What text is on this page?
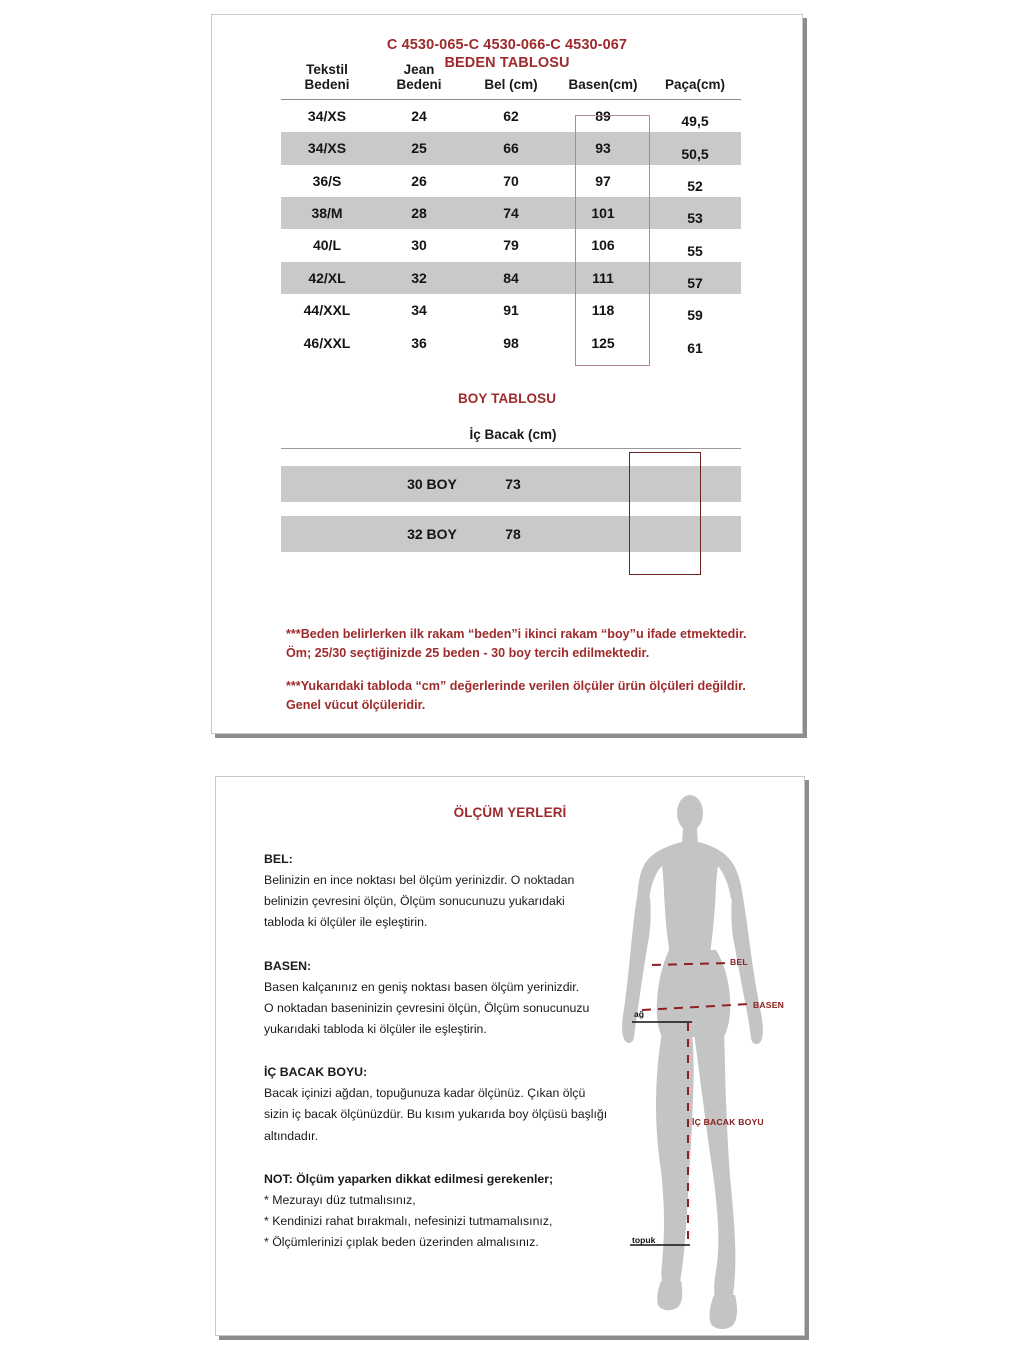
C 4530-065-C 4530-066-C 4530-067
BEDEN TABLOSU
Tekstil
Bedeni	Jean
Bedeni	Bel (cm)	Basen(cm)	Paça(cm)
34/XS	24	62	89	49,5
34/XS	25	66	93	50,5
36/S	26	70	97	52
38/M	28	74	101	53
40/L	30	79	106	55
42/XL	32	84	111	57
44/XXL	34	91	118	59
46/XXL	36	98	125	61
BOY TABLOSU
		İç Bacak (cm)	

	30 BOY	73	

	32 BOY	78	
***Beden belirlerken ilk rakam “beden”i ikinci rakam “boy”u ifade etmektedir.
Öm; 25/30 seçtiğinizde 25 beden - 30 boy tercih edilmektedir.
***Yukarıdaki tabloda “cm” değerlerinde verilen ölçüler ürün ölçüleri değildir.
Genel vücut ölçüleridir.
ÖLÇÜM YERLERİ
BEL:
Belinizin en ince noktası bel ölçüm yerinizdir. O noktadan
belinizin çevresini ölçün, Ölçüm sonucunuzu yukarıdaki
tabloda ki ölçüler ile eşleştirin.
BASEN:
Basen kalçanınız en geniş noktası basen ölçüm yerinizdir.
O noktadan baseninizin çevresini ölçün, Ölçüm sonucunuzu
yukarıdaki tabloda ki ölçüler ile eşleştirin.
İÇ BACAK BOYU:
Bacak içinizi ağdan, topuğunuza kadar ölçünüz. Çıkan ölçü
sizin iç bacak ölçünüzdür. Bu kısım yukarıda boy ölçüsü başlığı
altındadır.
NOT: Ölçüm yaparken dikkat edilmesi gerekenler;
* Mezurayı düz tutmalısınız,
* Kendinizi rahat bırakmalı, nefesinizi tutmamalısınız,
* Ölçümlerinizi çıplak beden üzerinden almalısınız.
BEL
BASEN
İÇ BACAK BOYU
ağ
topuk
